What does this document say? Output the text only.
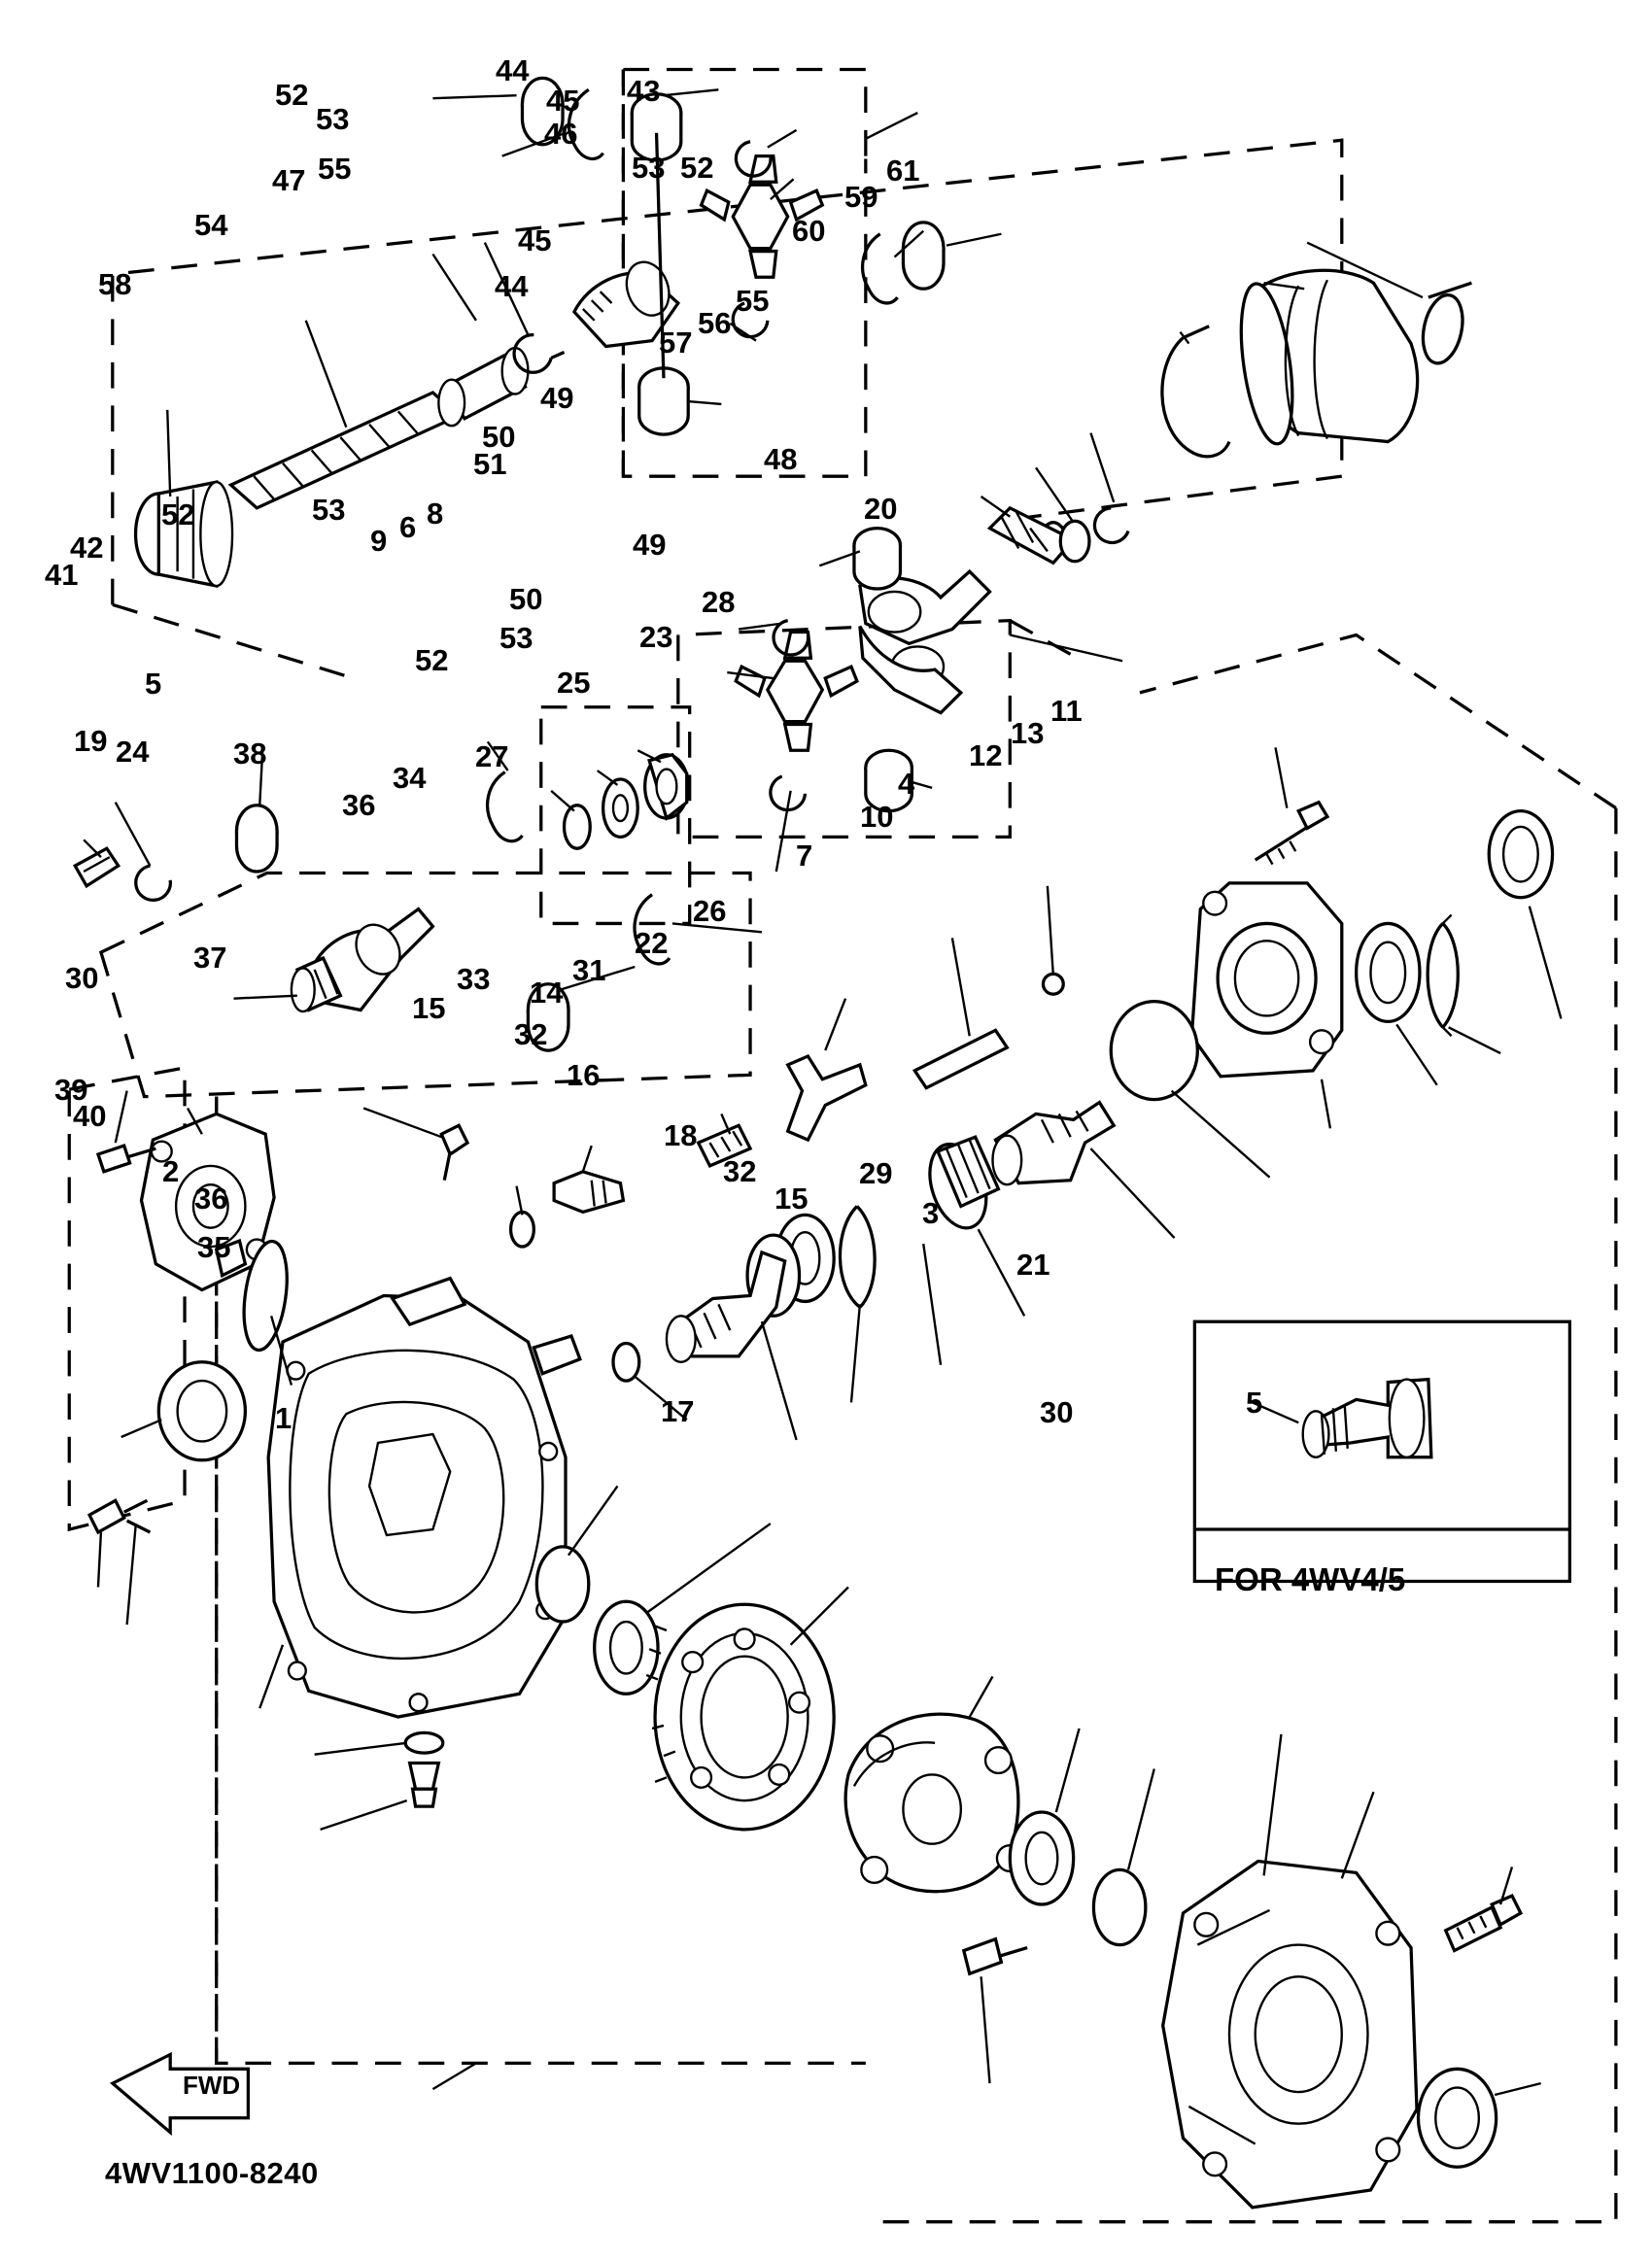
52
44
43
45
53	46
53 52	61
47 55
59
54	45	60
58	44	55
56
57
49
50
48
51
20
52	53
9 6 8
49
42
41
50	28
23
53
11
13
12
52
5	25
4
19 24	38	27
34
36	10
7
26
22
31
30
37
33 14
39
40
15
32
16
2
36
35
18
32
15
29
3
21
30
17
1	5
FOR 4WV4/5
FWD
4WV1100-8240
